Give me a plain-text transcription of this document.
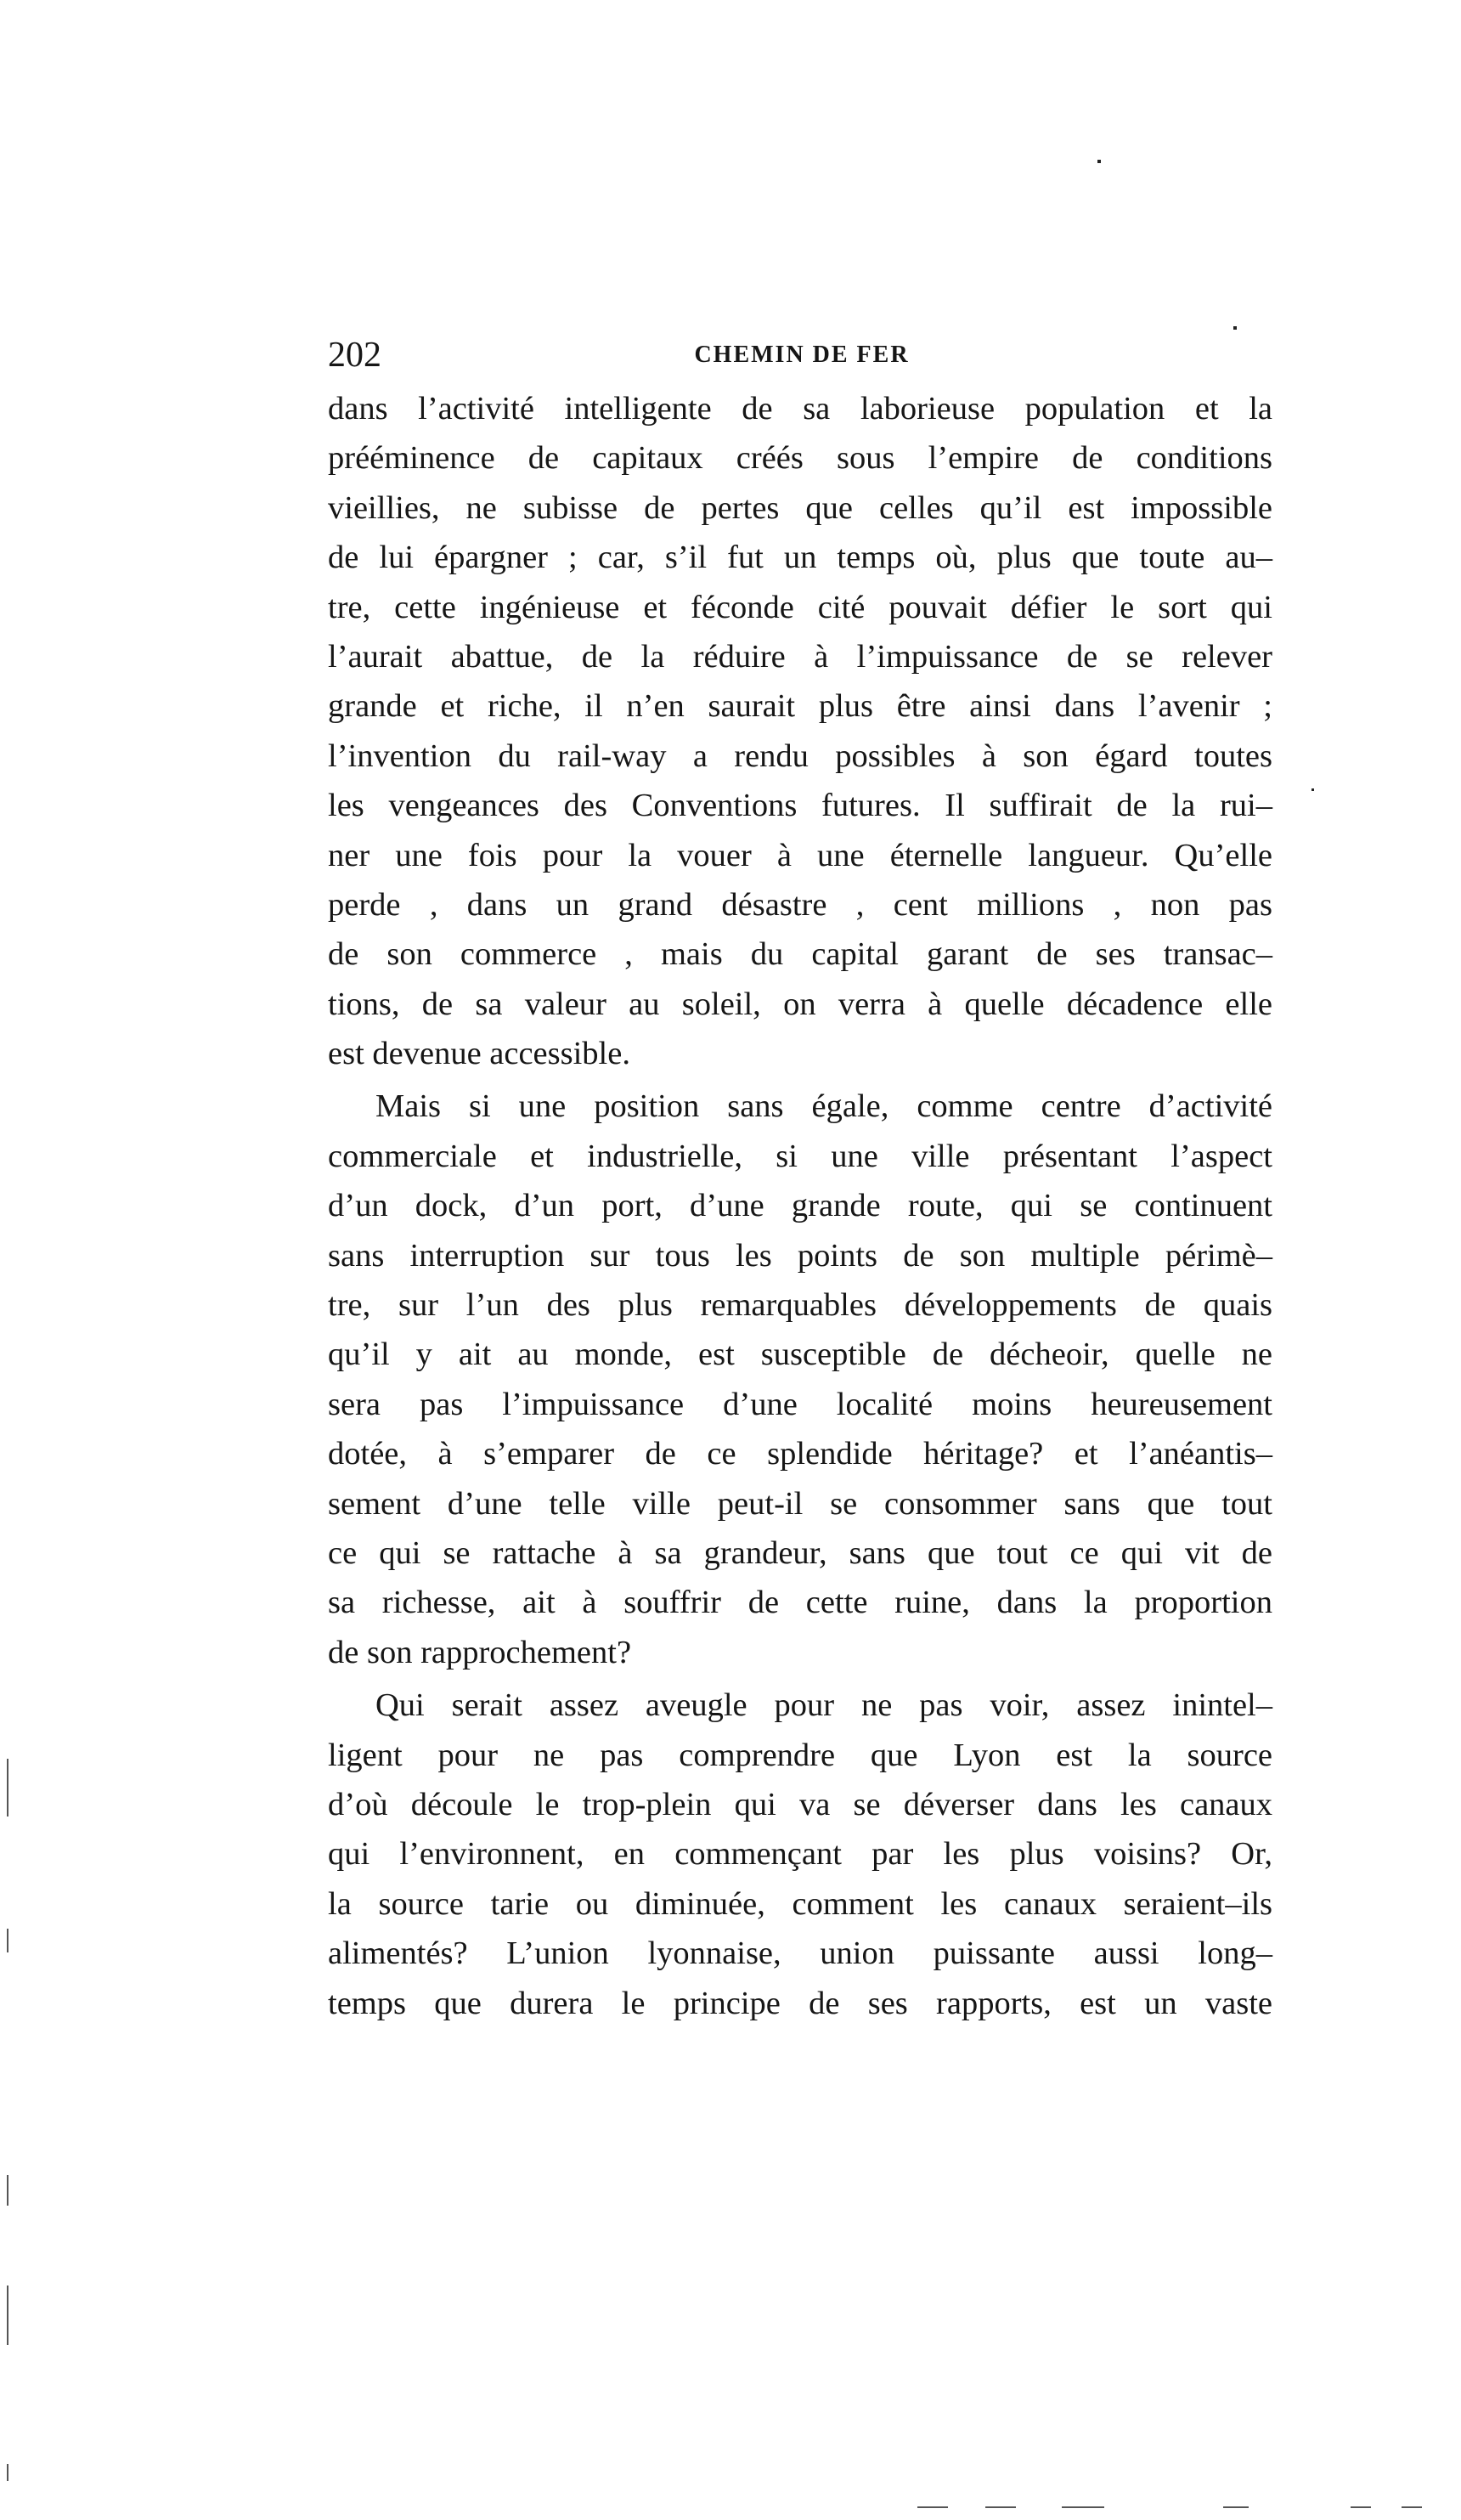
202	CHEMIN DE FER
dans l’activité intelligente de sa laborieuse population et la
prééminence de capitaux créés sous l’empire de conditions
vieillies, ne subisse de pertes que celles qu’il est impossible
de lui épargner ; car, s’il fut un temps où, plus que toute au–
tre, cette ingénieuse et féconde cité pouvait défier le sort qui
l’aurait abattue, de la réduire à l’impuissance de se relever
grande et riche, il n’en saurait plus être ainsi dans l’avenir ;
l’invention du rail-way a rendu possibles à son égard toutes
les vengeances des Conventions futures. Il suffirait de la rui–
ner une fois pour la vouer à une éternelle langueur. Qu’elle
perde , dans un grand désastre , cent millions , non pas
de son commerce , mais du capital garant de ses transac–
tions, de sa valeur au soleil, on verra à quelle décadence elle
est devenue accessible.
Mais si une position sans égale, comme centre d’activité
commerciale et industrielle, si une ville présentant l’aspect
d’un dock, d’un port, d’une grande route, qui se continuent
sans interruption sur tous les points de son multiple périmè–
tre, sur l’un des plus remarquables développements de quais
qu’il y ait au monde, est susceptible de décheoir, quelle ne
sera pas l’impuissance d’une localité moins heureusement
dotée, à s’emparer de ce splendide héritage? et l’anéantis–
sement d’une telle ville peut-il se consommer sans que tout
ce qui se rattache à sa grandeur, sans que tout ce qui vit de
sa richesse, ait à souffrir de cette ruine, dans la proportion
de son rapprochement?
Qui serait assez aveugle pour ne pas voir, assez inintel–
ligent pour ne pas comprendre que Lyon est la source
d’où découle le trop-plein qui va se déverser dans les canaux
qui l’environnent, en commençant par les plus voisins? Or,
la source tarie ou diminuée, comment les canaux seraient–ils
alimentés? L’union lyonnaise, union puissante aussi long–
temps que durera le principe de ses rapports, est un vaste
